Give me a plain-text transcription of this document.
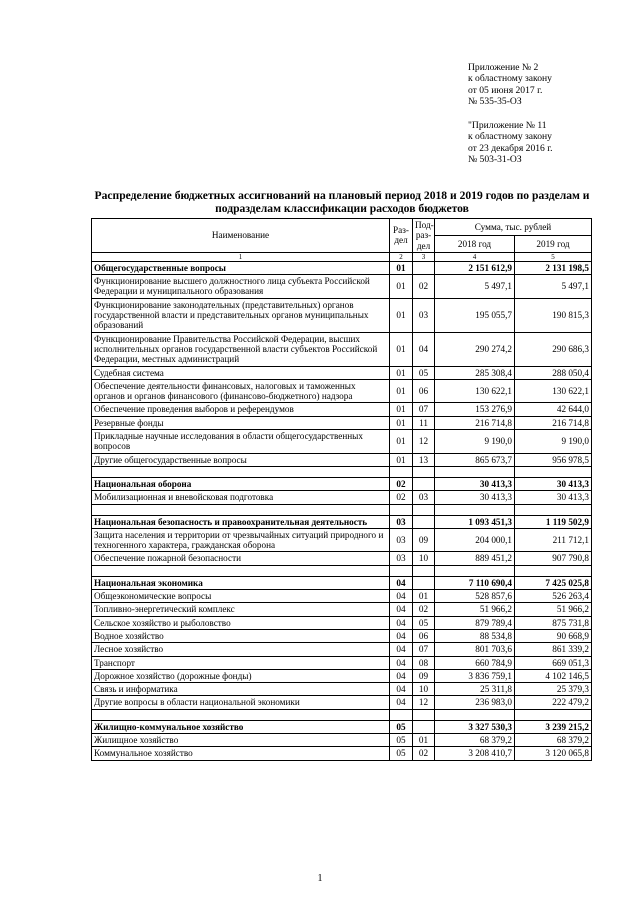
Приложение № 2
к областному закону
от 05 июня 2017 г.
№ 535-35-ОЗ
"Приложение № 11
к областному закону
от 23 декабря 2016 г.
№ 503-31-ОЗ
Распределение бюджетных ассигнований на плановый период 2018 и 2019 годов по разделам и подразделам классификации расходов бюджетов
Наименование	Раз-дел	Под-раз-дел	Сумма, тыс. рублей	
			2018 год	2019 год
1	2	3	4	5
Общегосударственные вопросы	01		2 151 612,9	2 131 198,5
Функционирование высшего должностного лица субъекта Российской Федерации и муниципального образования	01	02	5 497,1	5 497,1
Функционирование законодательных (представительных) органов государственной власти и представительных органов муниципальных образований	01	03	195 055,7	190 815,3
Функционирование Правительства Российской Федерации, высших исполнительных органов государственной власти субъектов Российской Федерации, местных администраций	01	04	290 274,2	290 686,3
Судебная система	01	05	285 308,4	288 050,4
Обеспечение деятельности финансовых, налоговых и таможенных органов и органов финансового (финансово-бюджетного) надзора	01	06	130 622,1	130 622,1
Обеспечение проведения выборов и референдумов	01	07	153 276,9	42 644,0
Резервные фонды	01	11	216 714,8	216 714,8
Прикладные научные исследования в области общегосударственных вопросов	01	12	9 190,0	9 190,0
Другие общегосударственные вопросы	01	13	865 673,7	956 978,5

Национальная оборона	02		30 413,3	30 413,3
Мобилизационная и вневойсковая подготовка	02	03	30 413,3	30 413,3

Национальная безопасность и правоохранительная деятельность	03		1 093 451,3	1 119 502,9
Защита населения и территории от чрезвычайных ситуаций природного и техногенного характера, гражданская оборона	03	09	204 000,1	211 712,1
Обеспечение пожарной безопасности	03	10	889 451,2	907 790,8

Национальная экономика	04		7 110 690,4	7 425 025,8
Общеэкономические вопросы	04	01	528 857,6	526 263,4
Топливно-энергетический комплекс	04	02	51 966,2	51 966,2
Сельское хозяйство и рыболовство	04	05	879 789,4	875 731,8
Водное хозяйство	04	06	88 534,8	90 668,9
Лесное хозяйство	04	07	801 703,6	861 339,2
Транспорт	04	08	660 784,9	669 051,3
Дорожное хозяйство (дорожные фонды)	04	09	3 836 759,1	4 102 146,5
Связь и информатика	04	10	25 311,8	25 379,3
Другие вопросы в области национальной экономики	04	12	236 983,0	222 479,2

Жилищно-коммунальное хозяйство	05		3 327 530,3	3 239 215,2
Жилищное хозяйство	05	01	68 379,2	68 379,2
Коммунальное хозяйство	05	02	3 208 410,7	3 120 065,8
1
